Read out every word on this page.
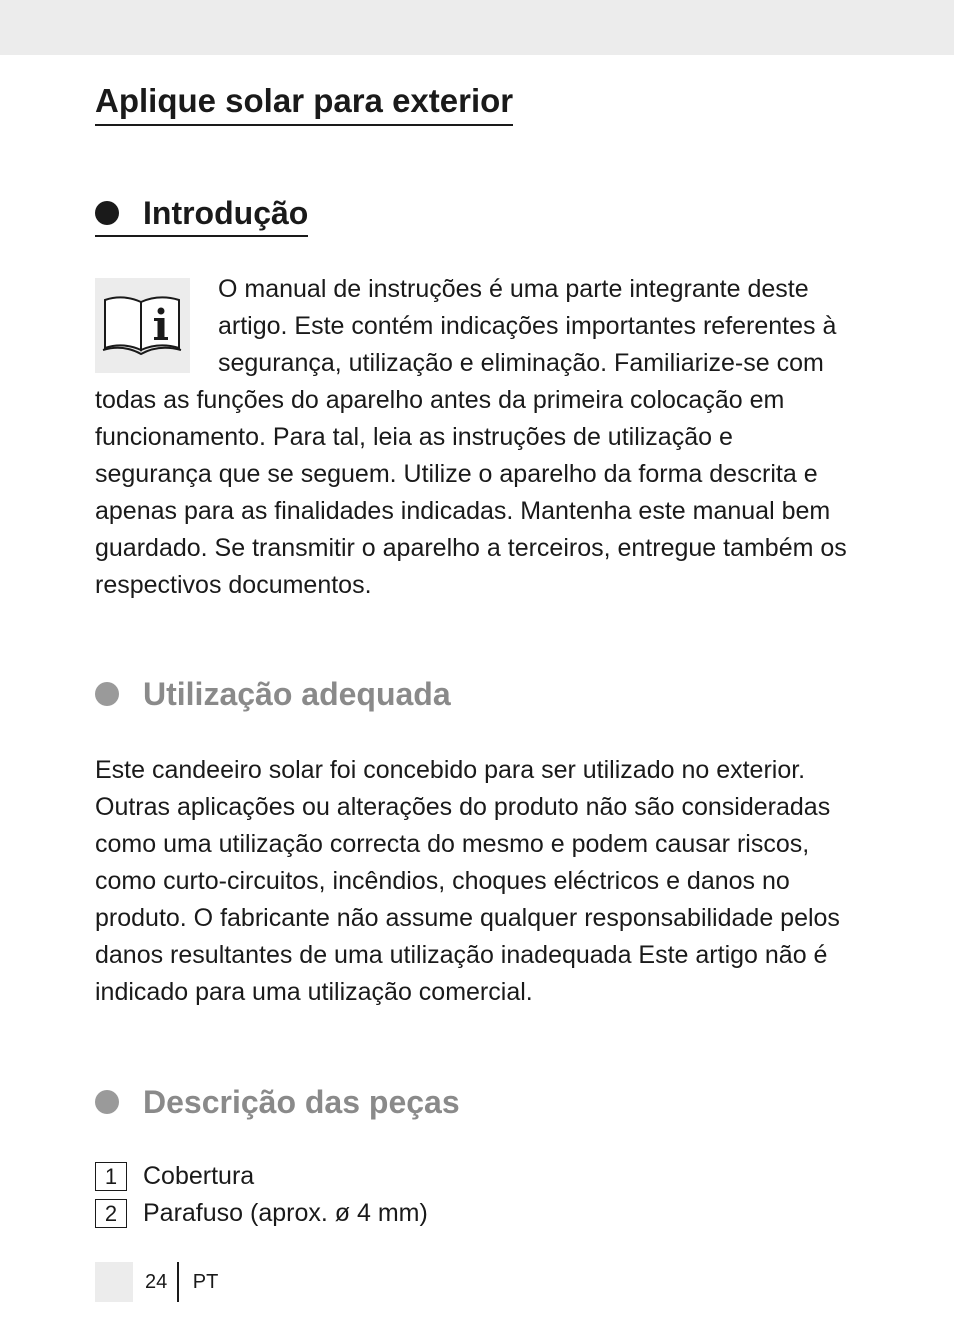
Aplique solar para exterior
Introdução

O manual de instruções é uma parte integrante deste artigo. Este contém indicações importantes referentes à segurança, utilização e eliminação. Familiarize-se com todas as funções do aparelho antes da primeira colocação em funcionamento. Para tal, leia as instruções de utilização e segurança que se seguem. Utilize o aparelho da forma descrita e apenas para as finalidades indicadas. Mantenha este manual bem guardado. Se transmitir o aparelho a terceiros, entregue também os respectivos documentos.

Utilização adequada

Este candeeiro solar foi concebido para ser utilizado no exterior. Outras aplicações ou alterações do produto não são consideradas como uma utilização correcta do mesmo e podem causar riscos, como curto-circuitos, incêndios, choques eléctricos e danos no produto. O fabricante não assume qualquer responsabilidade pelos danos resultantes de uma utilização inadequada Este artigo não é indicado para uma utilização comercial.

Descrição das peças
1	Cobertura
2	Parafuso (aprox. ø 4 mm)
24 PT
